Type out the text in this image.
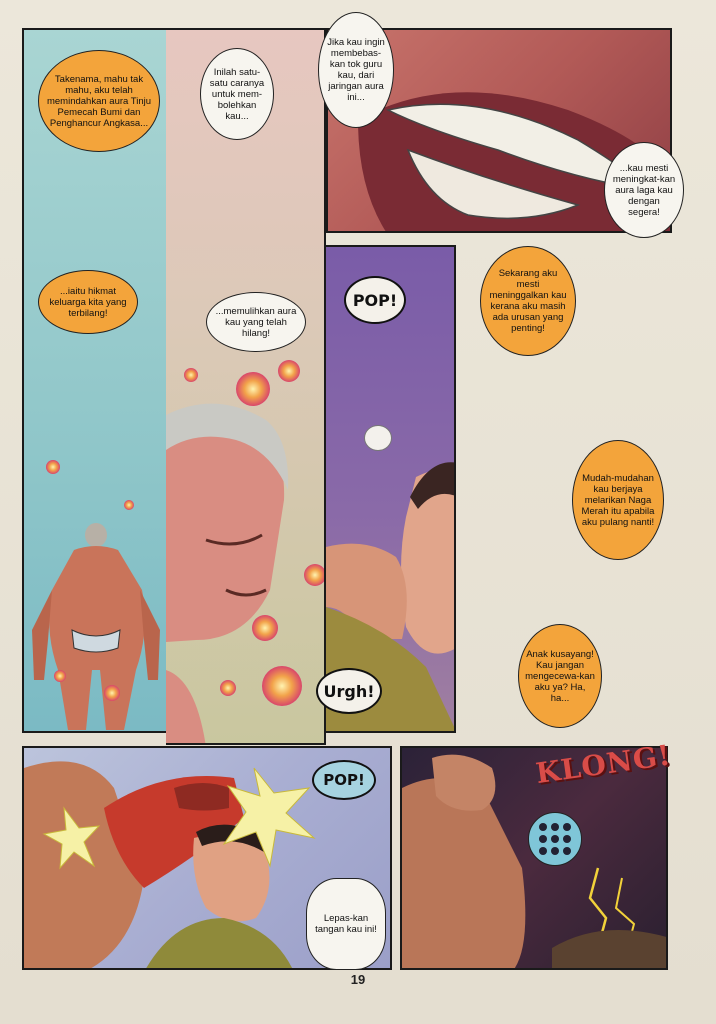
Takenama, mahu tak mahu, aku telah memindahkan aura Tinju Pemecah Bumi dan Penghancur Angkasa...
Inilah satu-satu caranya untuk mem-bolehkan kau...
Jika kau ingin membebas-kan tok guru kau, dari jaringan aura ini...
...kau mesti meningkat-kan aura laga kau dengan segera!
...iaitu hikmat keluarga kita yang terbilang!	...memulihkan aura kau yang telah hilang!
Sekarang aku mesti meninggalkan kau kerana aku masih ada urusan yang penting!
Mudah-mudahan kau berjaya melarikan Naga Merah itu apabila aku pulang nanti!
Anak kusayang! Kau jangan mengecewa-kan aku ya? Ha, ha...
Lepas-kan tangan kau ini!
POP!
Urgh!
POP!	KLONG!
19
